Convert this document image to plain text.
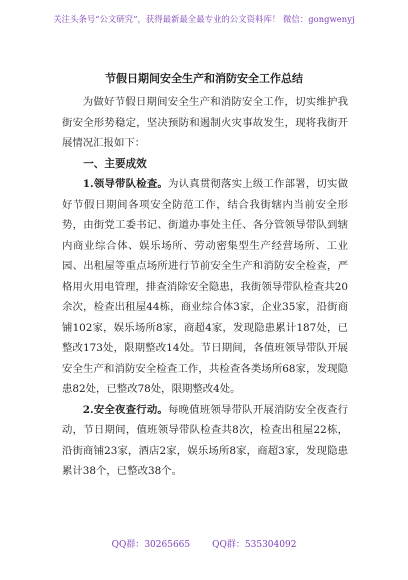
关注头条号“公文研究”，获得最新最全最专业的公文资料库！ 微信：gongwenyj
节假日期间安全生产和消防安全工作总结

为做好节假日期间安全生产和消防安全工作，切实维护我街安全形势稳定，坚决预防和遏制火灾事故发生，现将我街开展情况汇报如下：

一、主要成效

1.领导带队检查。为认真贯彻落实上级工作部署，切实做好节假日期间各项安全防范工作，结合我街辖内当前安全形势，由街党工委书记、街道办事处主任、各分管领导带队到辖内商业综合体、娱乐场所、劳动密集型生产经营场所、工业园、出租屋等重点场所进行节前安全生产和消防安全检查，严格用火用电管理，排查消除安全隐患，我街领导带队检查共20余次，检查出租屋44栋，商业综合体3家，企业35家，沿街商铺102家，娱乐场所8家，商超4家，发现隐患累计187处，已整改173处，限期整改14处。节日期间，各值班领导带队开展安全生产和消防安全检查工作，共检查各类场所68家，发现隐患82处，已整改78处，限期整改4处。

2.安全夜查行动。每晚值班领导带队开展消防安全夜查行动，节日期间，值班领导带队检查共8次，检查出租屋22栋，沿街商铺23家，酒店2家，娱乐场所8家，商超3家，发现隐患累计38个，已整改38个。

QQ群：30265665 QQ群：535304092
